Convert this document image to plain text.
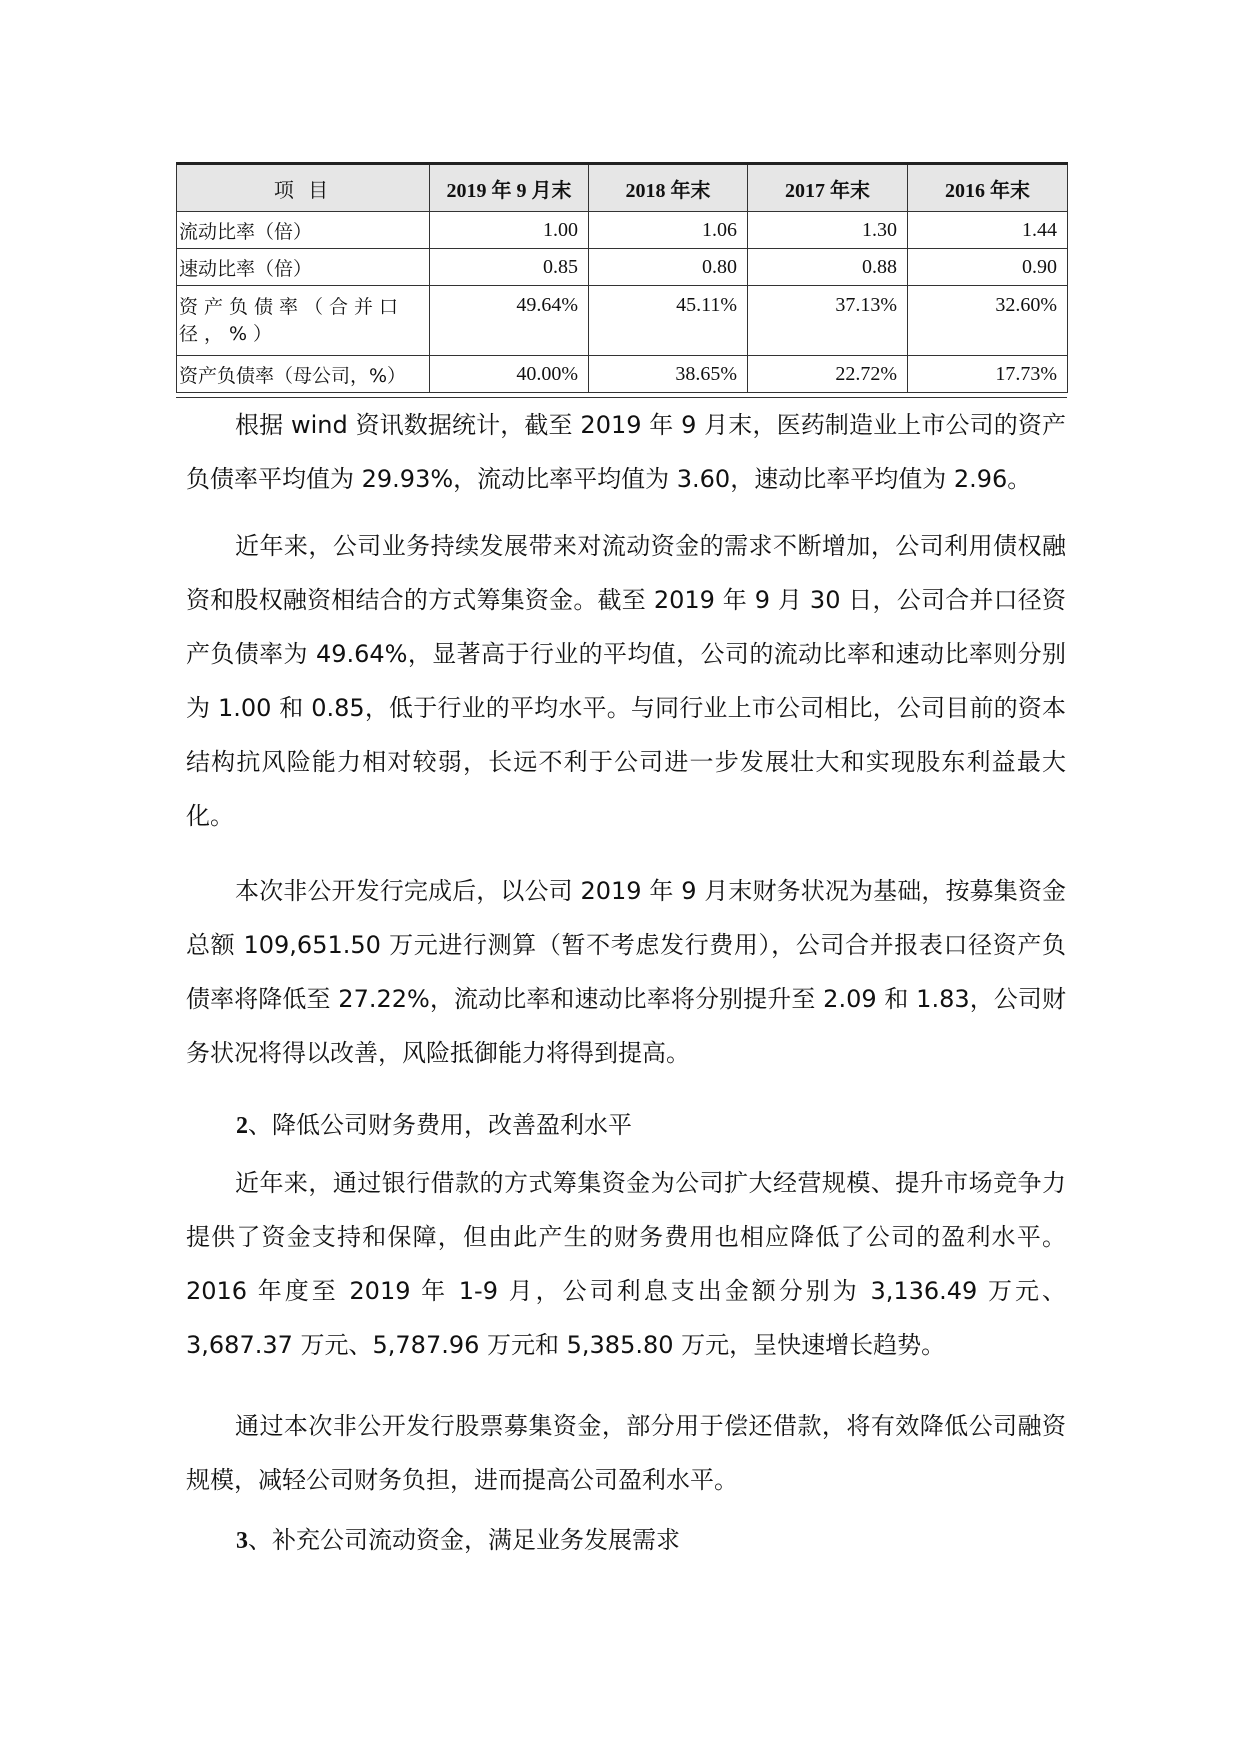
项 目	2019 年 9 月末	2018 年末	2017 年末	2016 年末
流动比率（倍）	1.00	1.06	1.30	1.44
速动比率（倍）	0.85	0.80	0.88	0.90
资产负债率（合并口径，%）	49.64%	45.11%	37.13%	32.60%
资产负债率（母公司，%）	40.00%	38.65%	22.72%	17.73%

根据 wind 资讯数据统计，截至 2019 年 9 月末，医药制造业上市公司的资产负债率平均值为 29.93%，流动比率平均值为 3.60，速动比率平均值为 2.96。

近年来，公司业务持续发展带来对流动资金的需求不断增加，公司利用债权融资和股权融资相结合的方式筹集资金。截至 2019 年 9 月 30 日，公司合并口径资产负债率为 49.64%，显著高于行业的平均值，公司的流动比率和速动比率则分别为 1.00 和 0.85，低于行业的平均水平。与同行业上市公司相比，公司目前的资本结构抗风险能力相对较弱，长远不利于公司进一步发展壮大和实现股东利益最大化。

本次非公开发行完成后，以公司 2019 年 9 月末财务状况为基础，按募集资金总额 109,651.50 万元进行测算（暂不考虑发行费用），公司合并报表口径资产负债率将降低至 27.22%，流动比率和速动比率将分别提升至 2.09 和 1.83，公司财务状况将得以改善，风险抵御能力将得到提高。

2、降低公司财务费用，改善盈利水平

近年来，通过银行借款的方式筹集资金为公司扩大经营规模、提升市场竞争力提供了资金支持和保障，但由此产生的财务费用也相应降低了公司的盈利水平。2016 年度至 2019 年 1-9 月，公司利息支出金额分别为 3,136.49 万元、3,687.37 万元、5,787.96 万元和 5,385.80 万元，呈快速增长趋势。

通过本次非公开发行股票募集资金，部分用于偿还借款，将有效降低公司融资规模，减轻公司财务负担，进而提高公司盈利水平。

3、补充公司流动资金，满足业务发展需求
